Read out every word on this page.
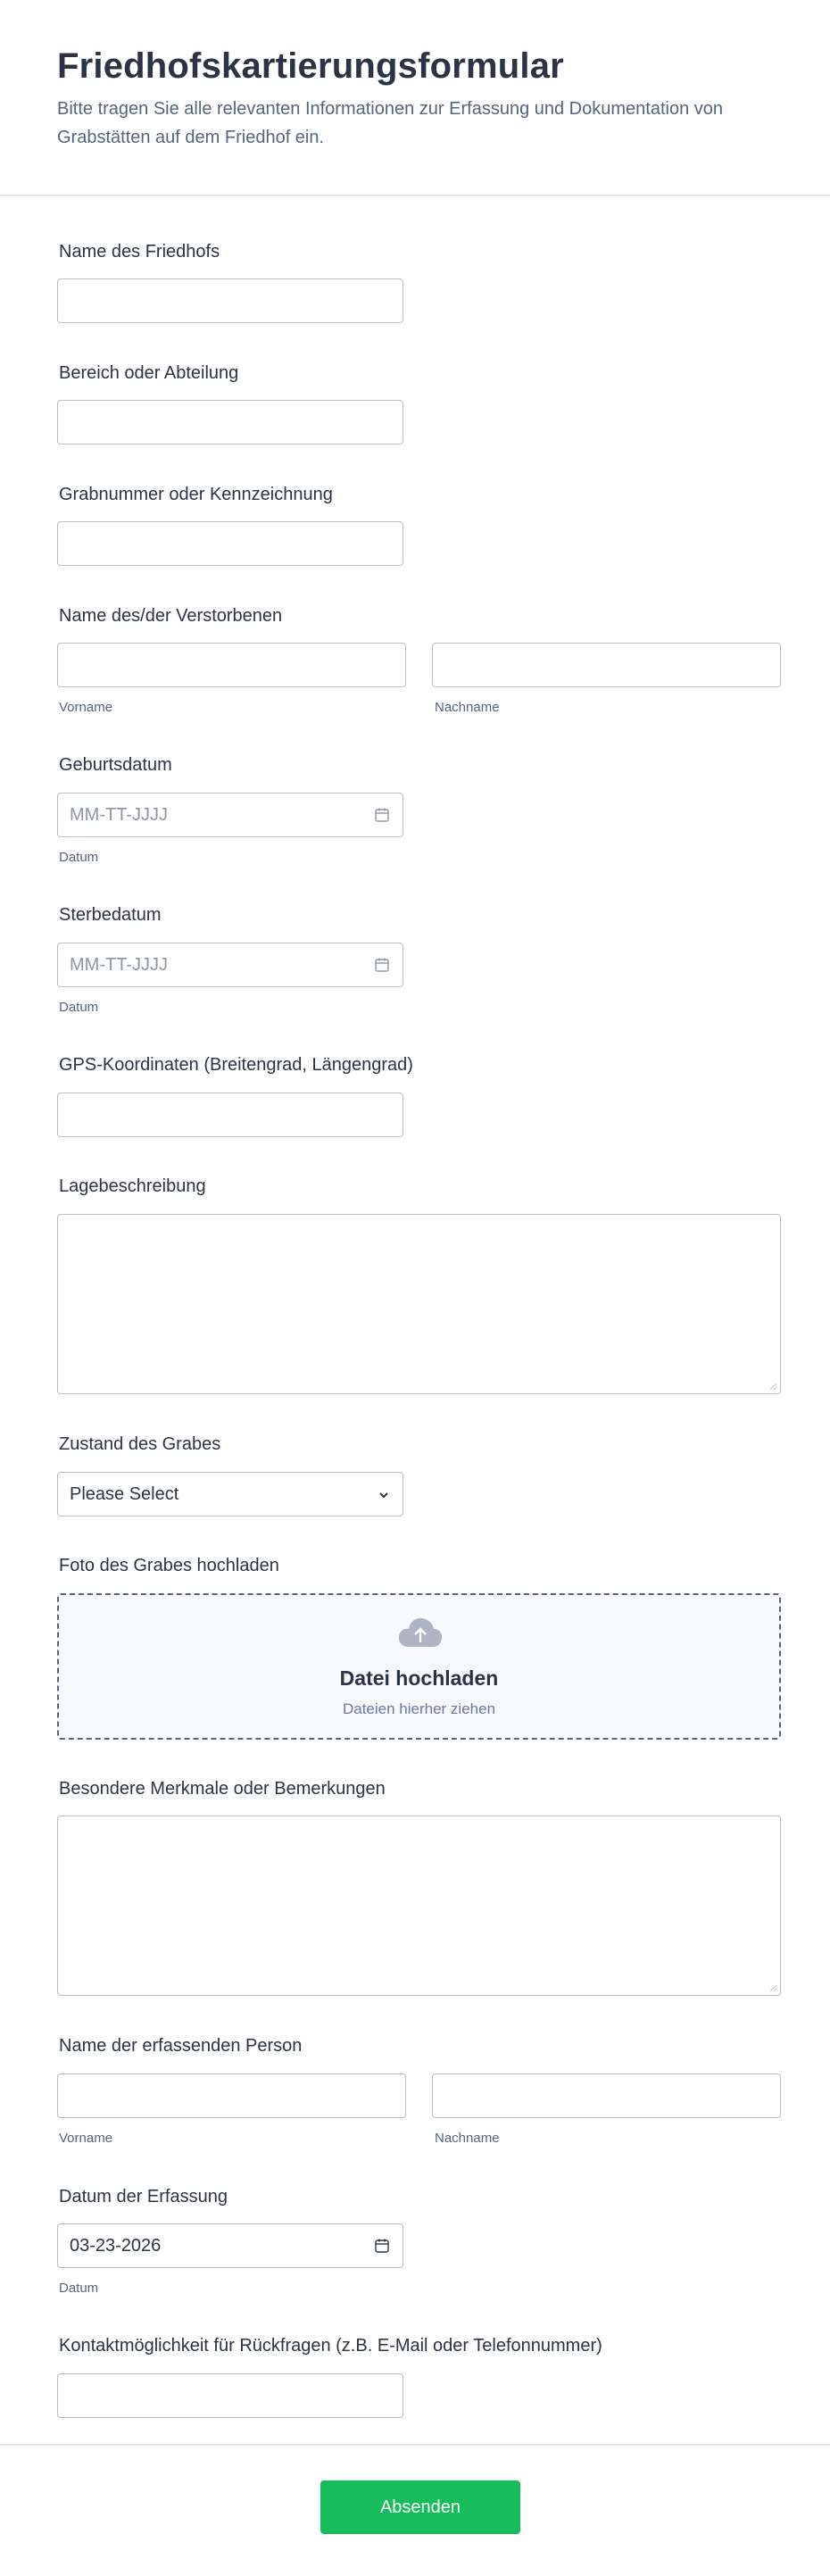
Friedhofskartierungsformular

Bitte tragen Sie alle relevanten Informationen zur Erfassung und Dokumentation von Grabstätten auf dem Friedhof ein.

Name des Friedhofs
Bereich oder Abteilung
Grabnummer oder Kennzeichnung
Name des/der Verstorbenen
Vorname	Nachname
Geburtsdatum
MM-TT-JJJJ
Datum
Sterbedatum
MM-TT-JJJJ
Datum
GPS-Koordinaten (Breitengrad, Längengrad)
Lagebeschreibung
Zustand des Grabes
Please Select
Foto des Grabes hochladen
Datei hochladen
Dateien hierher ziehen
Besondere Merkmale oder Bemerkungen
Name der erfassenden Person
Vorname	Nachname
Datum der Erfassung
03-23-2026
Datum
Kontaktmöglichkeit für Rückfragen (z.B. E-Mail oder Telefonnummer)
Absenden
